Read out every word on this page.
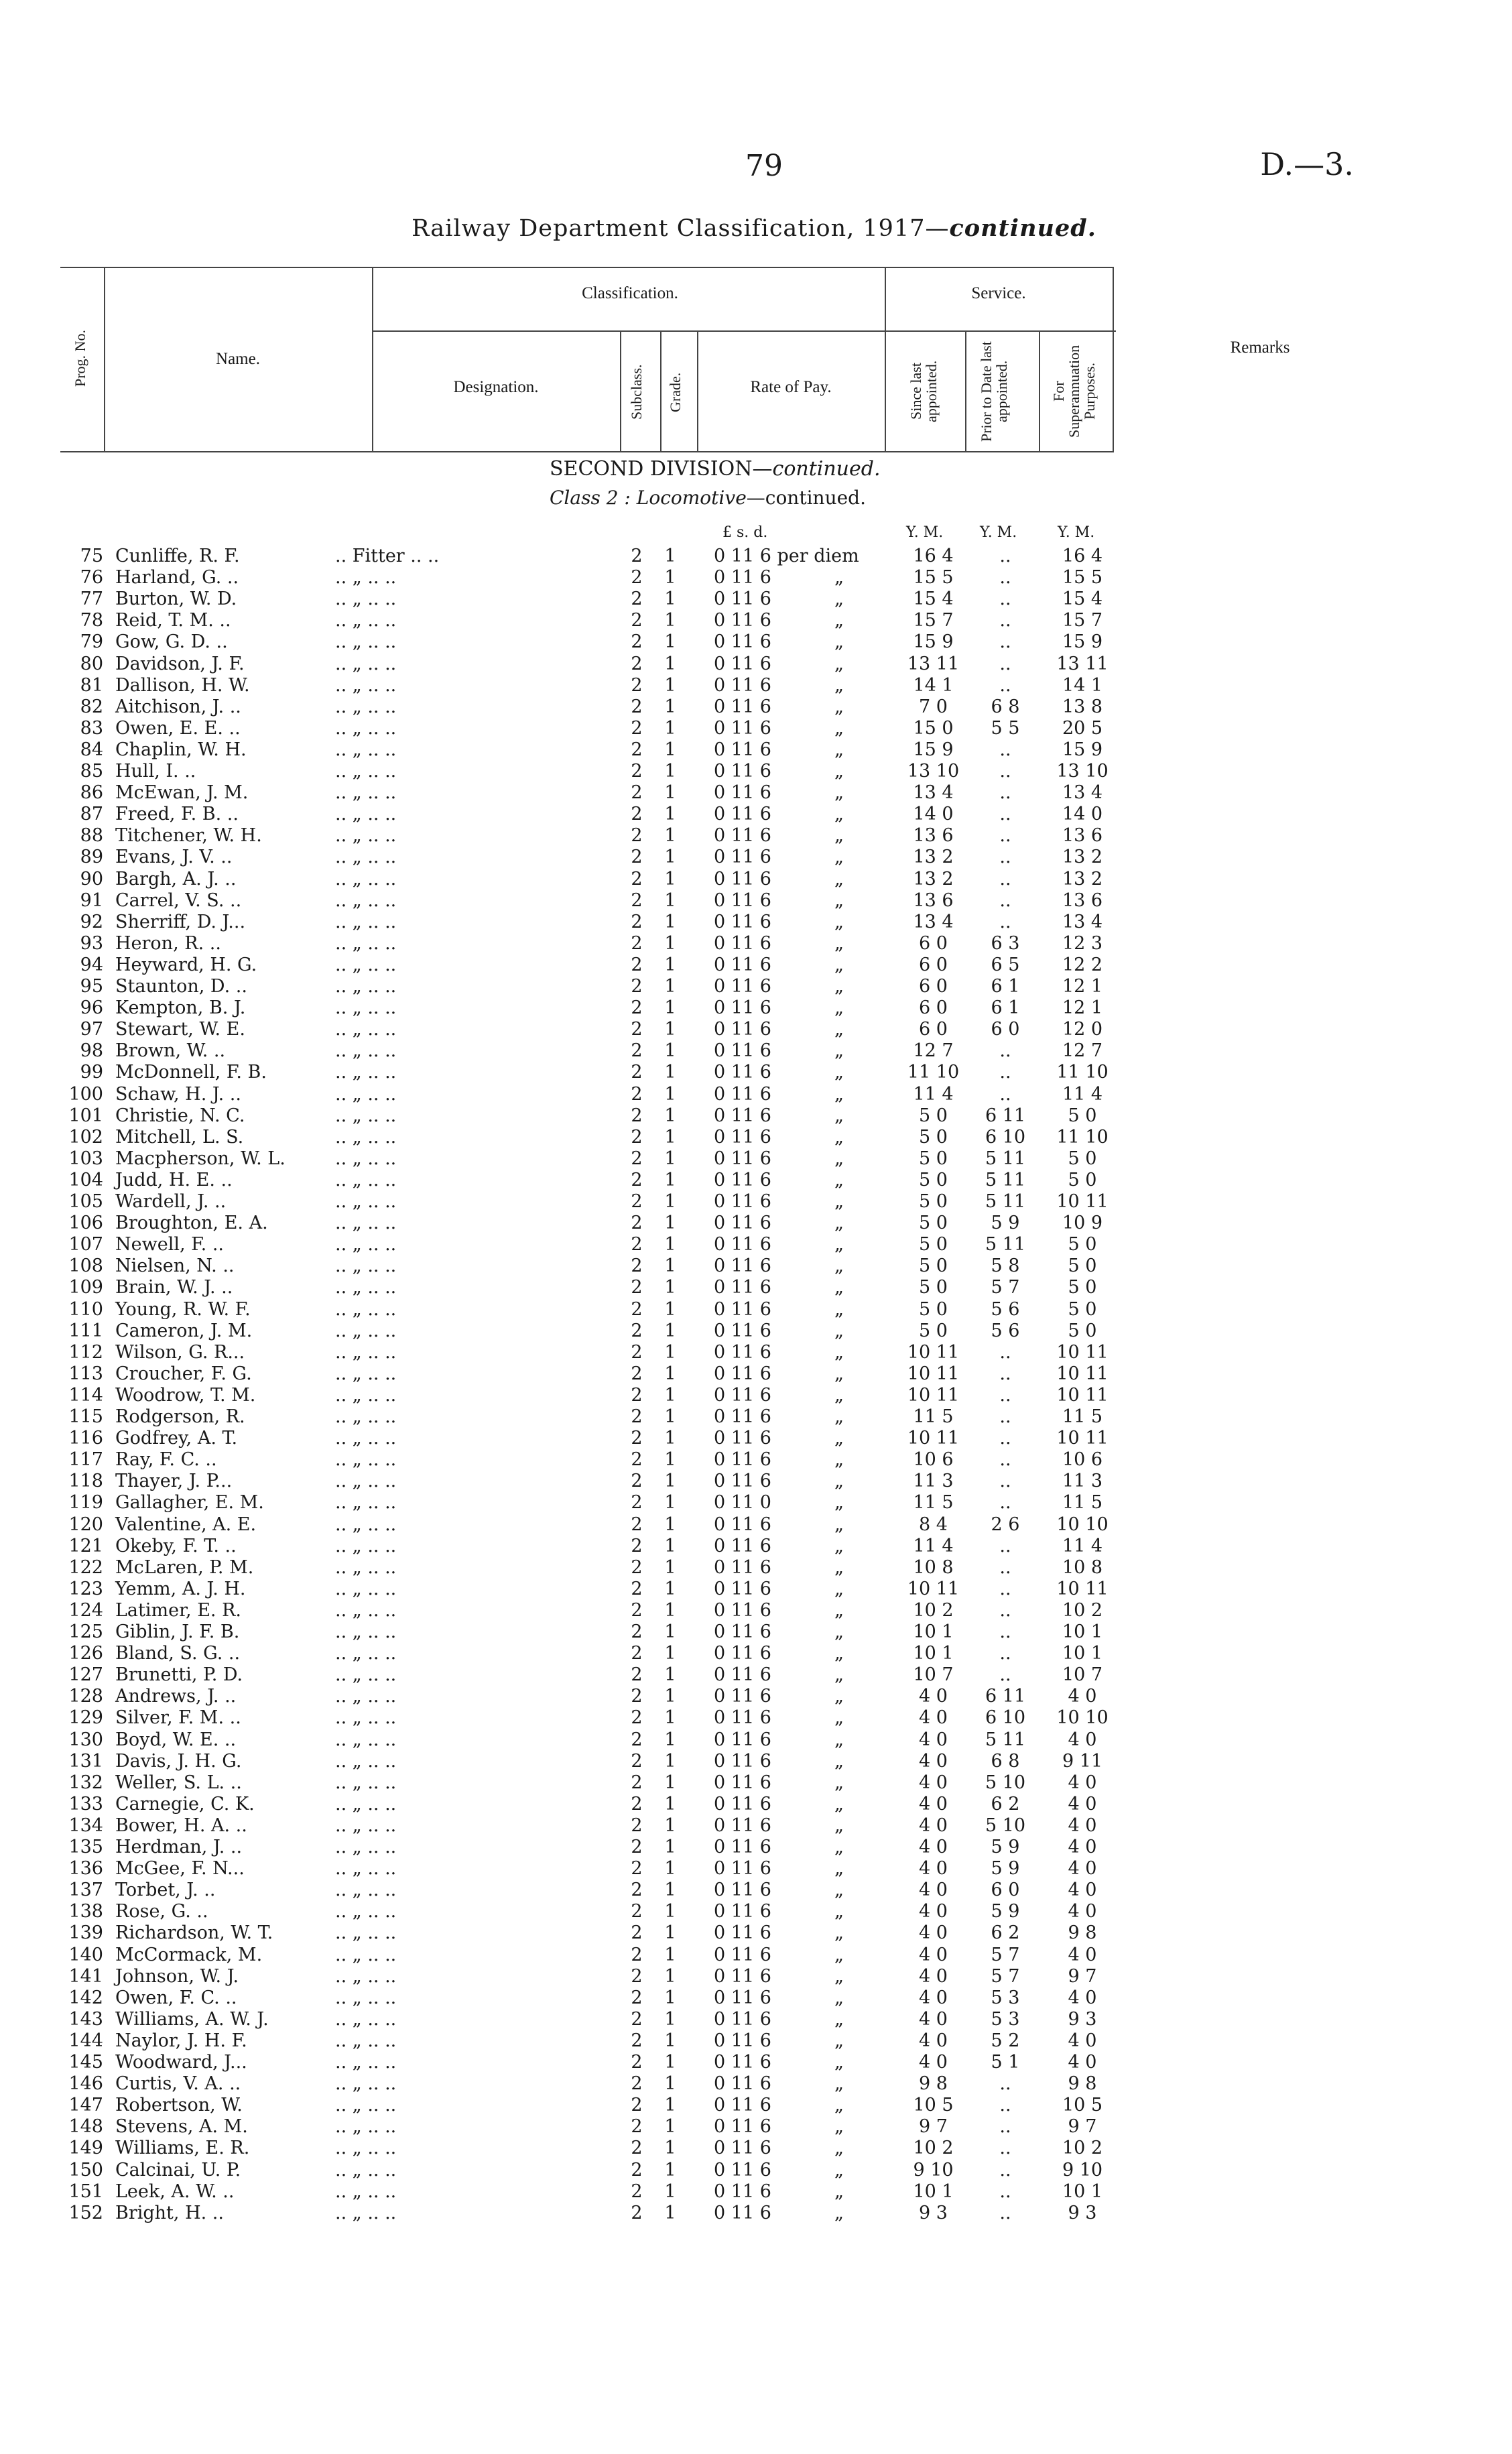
79	D.—3.
Railway Department Classification, 1917—continued.
Prog. No.	Name.
Classification.
Designation.	Subclass.	Grade.	Rate of Pay.
Service.
Since last appointed.	Prior to Date last appointed.	For Superannuation Purposes.
Remarks
SECOND DIVISION—continued.
Class 2 : Locomotive—continued.
£ s. d.	Y. M. Y. M.	Y. M.
75 Cunliffe, R. F.	.. Fitter .. ..	2	1 0 11 6 per diem	16 4	..	16 4
76 Harland, G. ..	.. „ .. ..	2	1 0 11 6	„	15 5	..	15 5
77 Burton, W. D.	.. „ .. ..	2	1 0 11 6	„	15 4	..	15 4
78 Reid, T. M. ..	.. „ .. ..	2	1 0 11 6	„	15 7	..	15 7
79 Gow, G. D. ..	.. „ .. ..	2	1 0 11 6	„	15 9	..	15 9
80 Davidson, J. F.	.. „ .. ..	2	1 0 11 6	„	13 11	..	13 11
81 Dallison, H. W.	.. „ .. ..	2	1 0 11 6	„	14 1	..	14 1
82 Aitchison, J. ..	.. „ .. ..	2	1 0 11 6	„	7 0	6 8	13 8
83 Owen, E. E. ..	.. „ .. ..	2	1 0 11 6	„	15 0	5 5	20 5
84 Chaplin, W. H.	.. „ .. ..	2	1 0 11 6	„	15 9	..	15 9
85 Hull, I. ..	.. „ .. ..	2	1 0 11 6	„	13 10	..	13 10
86 McEwan, J. M.	.. „ .. ..	2	1 0 11 6	„	13 4	..	13 4
87 Freed, F. B. ..	.. „ .. ..	2	1 0 11 6	„	14 0	..	14 0
88 Titchener, W. H.	.. „ .. ..	2	1 0 11 6	„	13 6	..	13 6
89 Evans, J. V. ..	.. „ .. ..	2	1 0 11 6	„	13 2	..	13 2
90 Bargh, A. J. ..	.. „ .. ..	2	1 0 11 6	„	13 2	..	13 2
91 Carrel, V. S. ..	.. „ .. ..	2	1 0 11 6	„	13 6	..	13 6
92 Sherriff, D. J...	.. „ .. ..	2	1 0 11 6	„	13 4	..	13 4
93 Heron, R. ..	.. „ .. ..	2	1 0 11 6	„	6 0	6 3	12 3
94 Heyward, H. G.	.. „ .. ..	2	1 0 11 6	„	6 0	6 5	12 2
95 Staunton, D. ..	.. „ .. ..	2	1 0 11 6	„	6 0	6 1	12 1
96 Kempton, B. J.	.. „ .. ..	2	1 0 11 6	„	6 0	6 1	12 1
97 Stewart, W. E.	.. „ .. ..	2	1 0 11 6	„	6 0	6 0	12 0
98 Brown, W. ..	.. „ .. ..	2	1 0 11 6	„	12 7	..	12 7
99 McDonnell, F. B.	.. „ .. ..	2	1 0 11 6	„	11 10	..	11 10
100 Schaw, H. J. ..	.. „ .. ..	2	1 0 11 6	„	11 4	..	11 4
101 Christie, N. C.	.. „ .. ..	2	1 0 11 6	„	5 0	6 11	5 0
102 Mitchell, L. S.	.. „ .. ..	2	1 0 11 6	„	5 0	6 10	11 10
103 Macpherson, W. L.	.. „ .. ..	2	1 0 11 6	„	5 0	5 11	5 0
104 Judd, H. E. ..	.. „ .. ..	2	1 0 11 6	„	5 0	5 11	5 0
105 Wardell, J. ..	.. „ .. ..	2	1 0 11 6	„	5 0	5 11	10 11
106 Broughton, E. A.	.. „ .. ..	2	1 0 11 6	„	5 0	5 9	10 9
107 Newell, F. ..	.. „ .. ..	2	1 0 11 6	„	5 0	5 11	5 0
108 Nielsen, N. ..	.. „ .. ..	2	1 0 11 6	„	5 0	5 8	5 0
109 Brain, W. J. ..	.. „ .. ..	2	1 0 11 6	„	5 0	5 7	5 0
110 Young, R. W. F.	.. „ .. ..	2	1 0 11 6	„	5 0	5 6	5 0
111 Cameron, J. M.	.. „ .. ..	2	1 0 11 6	„	5 0	5 6	5 0
112 Wilson, G. R...	.. „ .. ..	2	1 0 11 6	„	10 11	..	10 11
113 Croucher, F. G.	.. „ .. ..	2	1 0 11 6	„	10 11	..	10 11
114 Woodrow, T. M.	.. „ .. ..	2	1 0 11 6	„	10 11	..	10 11
115 Rodgerson, R.	.. „ .. ..	2	1 0 11 6	„	11 5	..	11 5
116 Godfrey, A. T.	.. „ .. ..	2	1 0 11 6	„	10 11	..	10 11
117 Ray, F. C. ..	.. „ .. ..	2	1 0 11 6	„	10 6	..	10 6
118 Thayer, J. P...	.. „ .. ..	2	1 0 11 6	„	11 3	..	11 3
119 Gallagher, E. M.	.. „ .. ..	2	1 0 11 0	„	11 5	..	11 5
120 Valentine, A. E.	.. „ .. ..	2	1 0 11 6	„	8 4	2 6	10 10
121 Okeby, F. T. ..	.. „ .. ..	2	1 0 11 6	„	11 4	..	11 4
122 McLaren, P. M.	.. „ .. ..	2	1 0 11 6	„	10 8	..	10 8
123 Yemm, A. J. H.	.. „ .. ..	2	1 0 11 6	„	10 11	..	10 11
124 Latimer, E. R.	.. „ .. ..	2	1 0 11 6	„	10 2	..	10 2
125 Giblin, J. F. B.	.. „ .. ..	2	1 0 11 6	„	10 1	..	10 1
126 Bland, S. G. ..	.. „ .. ..	2	1 0 11 6	„	10 1	..	10 1
127 Brunetti, P. D.	.. „ .. ..	2	1 0 11 6	„	10 7	..	10 7
128 Andrews, J. ..	.. „ .. ..	2	1 0 11 6	„	4 0	6 11	4 0
129 Silver, F. M. ..	.. „ .. ..	2	1 0 11 6	„	4 0	6 10	10 10
130 Boyd, W. E. ..	.. „ .. ..	2	1 0 11 6	„	4 0	5 11	4 0
131 Davis, J. H. G.	.. „ .. ..	2	1 0 11 6	„	4 0	6 8	9 11
132 Weller, S. L. ..	.. „ .. ..	2	1 0 11 6	„	4 0	5 10	4 0
133 Carnegie, C. K.	.. „ .. ..	2	1 0 11 6	„	4 0	6 2	4 0
134 Bower, H. A. ..	.. „ .. ..	2	1 0 11 6	„	4 0	5 10	4 0
135 Herdman, J. ..	.. „ .. ..	2	1 0 11 6	„	4 0	5 9	4 0
136 McGee, F. N...	.. „ .. ..	2	1 0 11 6	„	4 0	5 9	4 0
137 Torbet, J. ..	.. „ .. ..	2	1 0 11 6	„	4 0	6 0	4 0
138 Rose, G. ..	.. „ .. ..	2	1 0 11 6	„	4 0	5 9	4 0
139 Richardson, W. T.	.. „ .. ..	2	1 0 11 6	„	4 0	6 2	9 8
140 McCormack, M.	.. „ .. ..	2	1 0 11 6	„	4 0	5 7	4 0
141 Johnson, W. J.	.. „ .. ..	2	1 0 11 6	„	4 0	5 7	9 7
142 Owen, F. C. ..	.. „ .. ..	2	1 0 11 6	„	4 0	5 3	4 0
143 Williams, A. W. J.	.. „ .. ..	2	1 0 11 6	„	4 0	5 3	9 3
144 Naylor, J. H. F.	.. „ .. ..	2	1 0 11 6	„	4 0	5 2	4 0
145 Woodward, J...	.. „ .. ..	2	1 0 11 6	„	4 0	5 1	4 0
146 Curtis, V. A. ..	.. „ .. ..	2	1 0 11 6	„	9 8	..	9 8
147 Robertson, W.	.. „ .. ..	2	1 0 11 6	„	10 5	..	10 5
148 Stevens, A. M.	.. „ .. ..	2	1 0 11 6	„	9 7	..	9 7
149 Williams, E. R.	.. „ .. ..	2	1 0 11 6	„	10 2	..	10 2
150 Calcinai, U. P.	.. „ .. ..	2	1 0 11 6	„	9 10	..	9 10
151 Leek, A. W. ..	.. „ .. ..	2	1 0 11 6	„	10 1	..	10 1
152 Bright, H. ..	.. „ .. ..	2	1 0 11 6	„	9 3	..	9 3
